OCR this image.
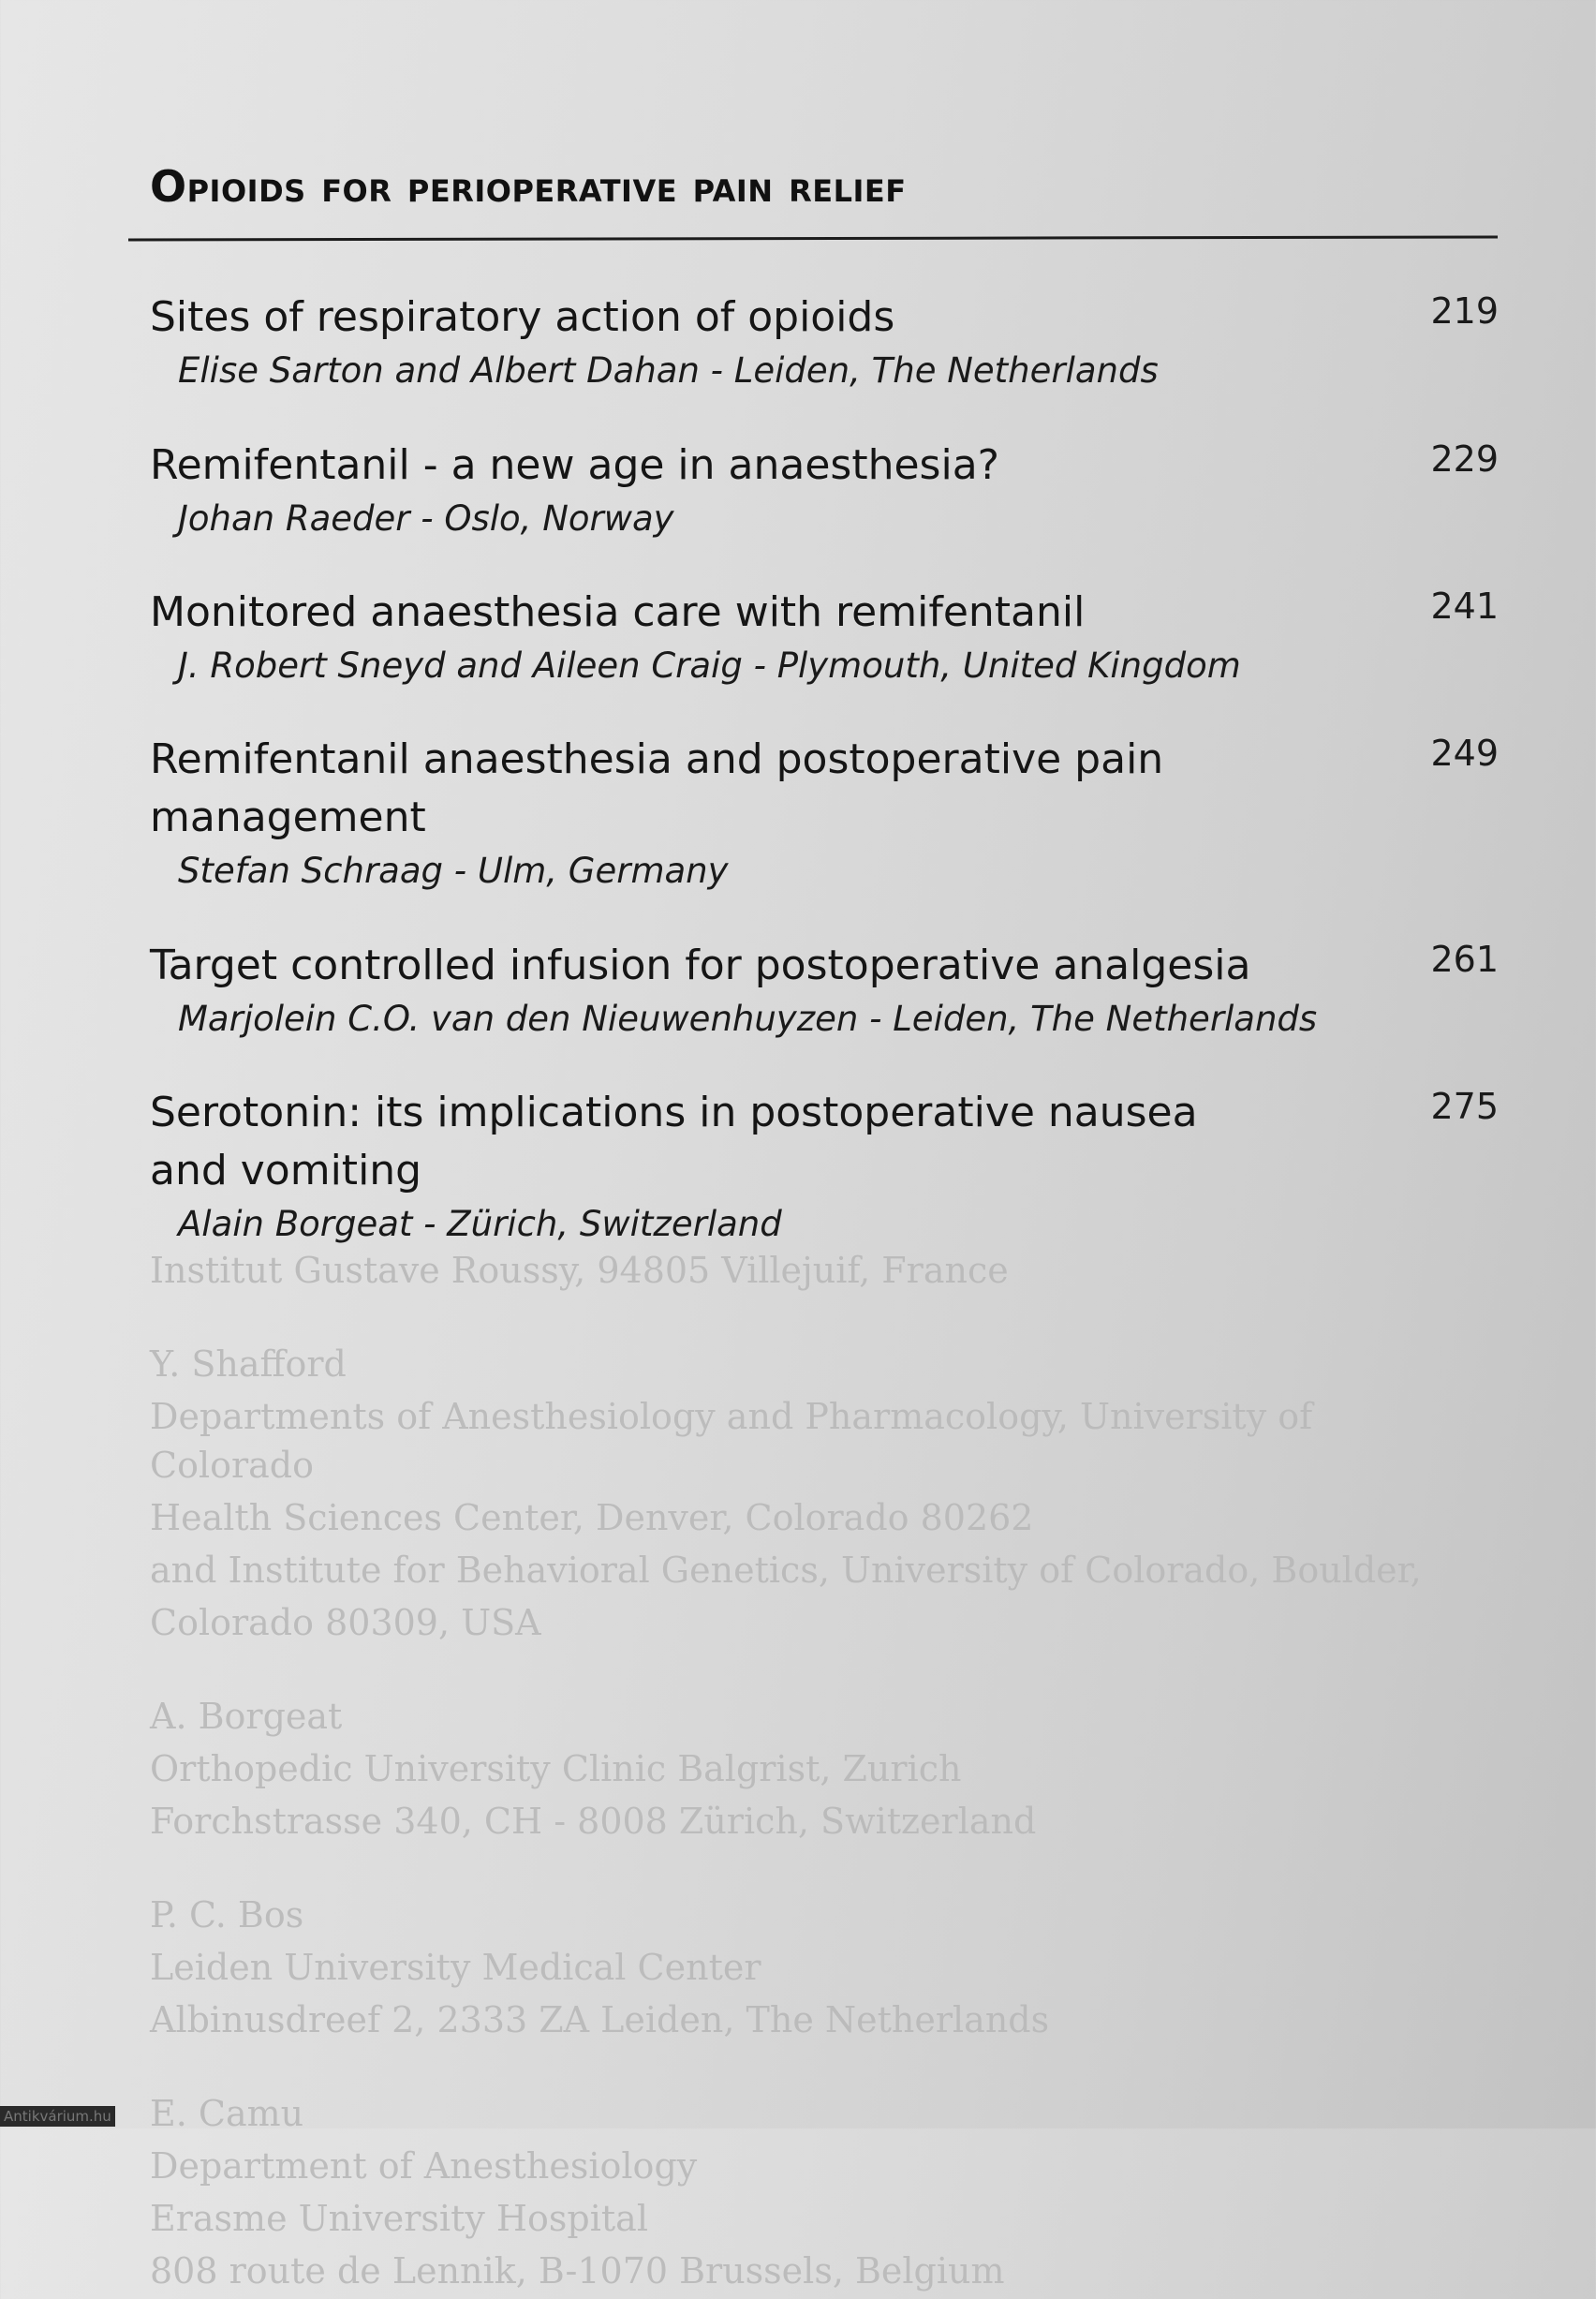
Institut Gustave Roussy, 94805 Villejuif, France
Y. Shafford
Departments of Anesthesiology and Pharmacology, University of Colorado
Health Sciences Center, Denver, Colorado 80262
and Institute for Behavioral Genetics, University of Colorado, Boulder,
Colorado 80309, USA
A. Borgeat
Orthopedic University Clinic Balgrist, Zurich
Forchstrasse 340, CH - 8008 Zürich, Switzerland
P. C. Bos
Leiden University Medical Center
Albinusdreef 2, 2333 ZA Leiden, The Netherlands
E. Camu
Department of Anesthesiology
Erasme University Hospital
808 route de Lennik, B-1070 Brussels, Belgium
Opioids for perioperative pain relief
Sites of respiratory action of opioids
Elise Sarton and Albert Dahan - Leiden, The Netherlands
219
Remifentanil - a new age in anaesthesia?
Johan Raeder - Oslo, Norway
229
Monitored anaesthesia care with remifentanil
J. Robert Sneyd and Aileen Craig - Plymouth, United Kingdom
241
Remifentanil anaesthesia and postoperative pain management
Stefan Schraag - Ulm, Germany
249
Target controlled infusion for postoperative analgesia
Marjolein C.O. van den Nieuwenhuyzen - Leiden, The Netherlands
261
Serotonin: its implications in postoperative nausea and vomiting
Alain Borgeat - Zürich, Switzerland
275
Antikvárium.hu
